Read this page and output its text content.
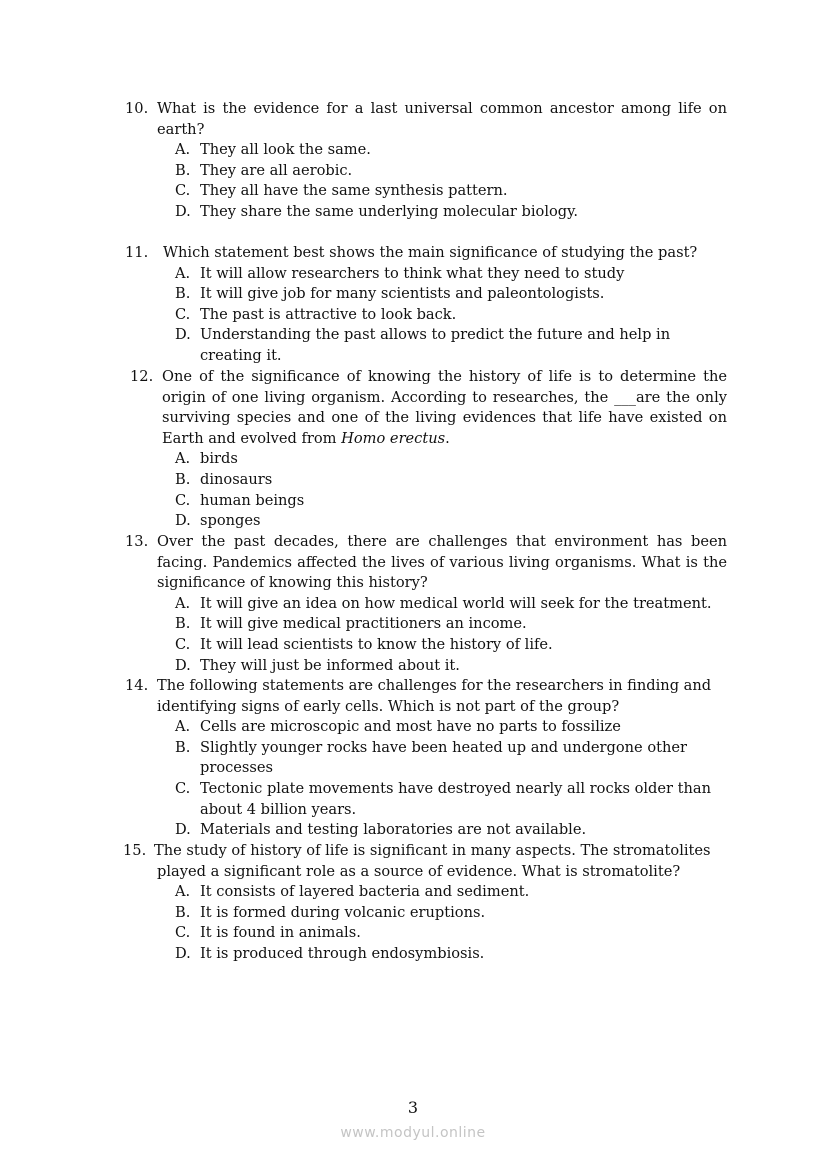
10. What is the evidence for a last universal common ancestor among life on
earth?
A. They all look the same.
B. They are all aerobic.
C. They all have the same synthesis pattern.
D. They share the same underlying molecular biology.
11. Which statement best shows the main significance of studying the past?
A. It will allow researchers to think what they need to study
B. It will give job for many scientists and paleontologists.
C. The past is attractive to look back.
D. Understanding the past allows to predict the future and help in
creating it.
12. One of the significance of knowing the history of life is to determine the
origin of one living organism. According to researches, the ___are the only
surviving species and one of the living evidences that life have existed on
Earth and evolved from Homo erectus.
A. birds
B. dinosaurs
C. human beings
D. sponges
13. Over the past decades, there are challenges that environment has been
facing. Pandemics affected the lives of various living organisms. What is the
significance of knowing this history?
A. It will give an idea on how medical world will seek for the treatment.
B. It will give medical practitioners an income.
C. It will lead scientists to know the history of life.
D. They will just be informed about it.
14. The following statements are challenges for the researchers in finding and
identifying signs of early cells. Which is not part of the group?
A. Cells are microscopic and most have no parts to fossilize
B. Slightly younger rocks have been heated up and undergone other
processes
C. Tectonic plate movements have destroyed nearly all rocks older than
about 4 billion years.
D. Materials and testing laboratories are not available.
15. The study of history of life is significant in many aspects. The stromatolites
played a significant role as a source of evidence. What is stromatolite?
A. It consists of layered bacteria and sediment.
B. It is formed during volcanic eruptions.
C. It is found in animals.
D. It is produced through endosymbiosis.
3
www.modyul.online
